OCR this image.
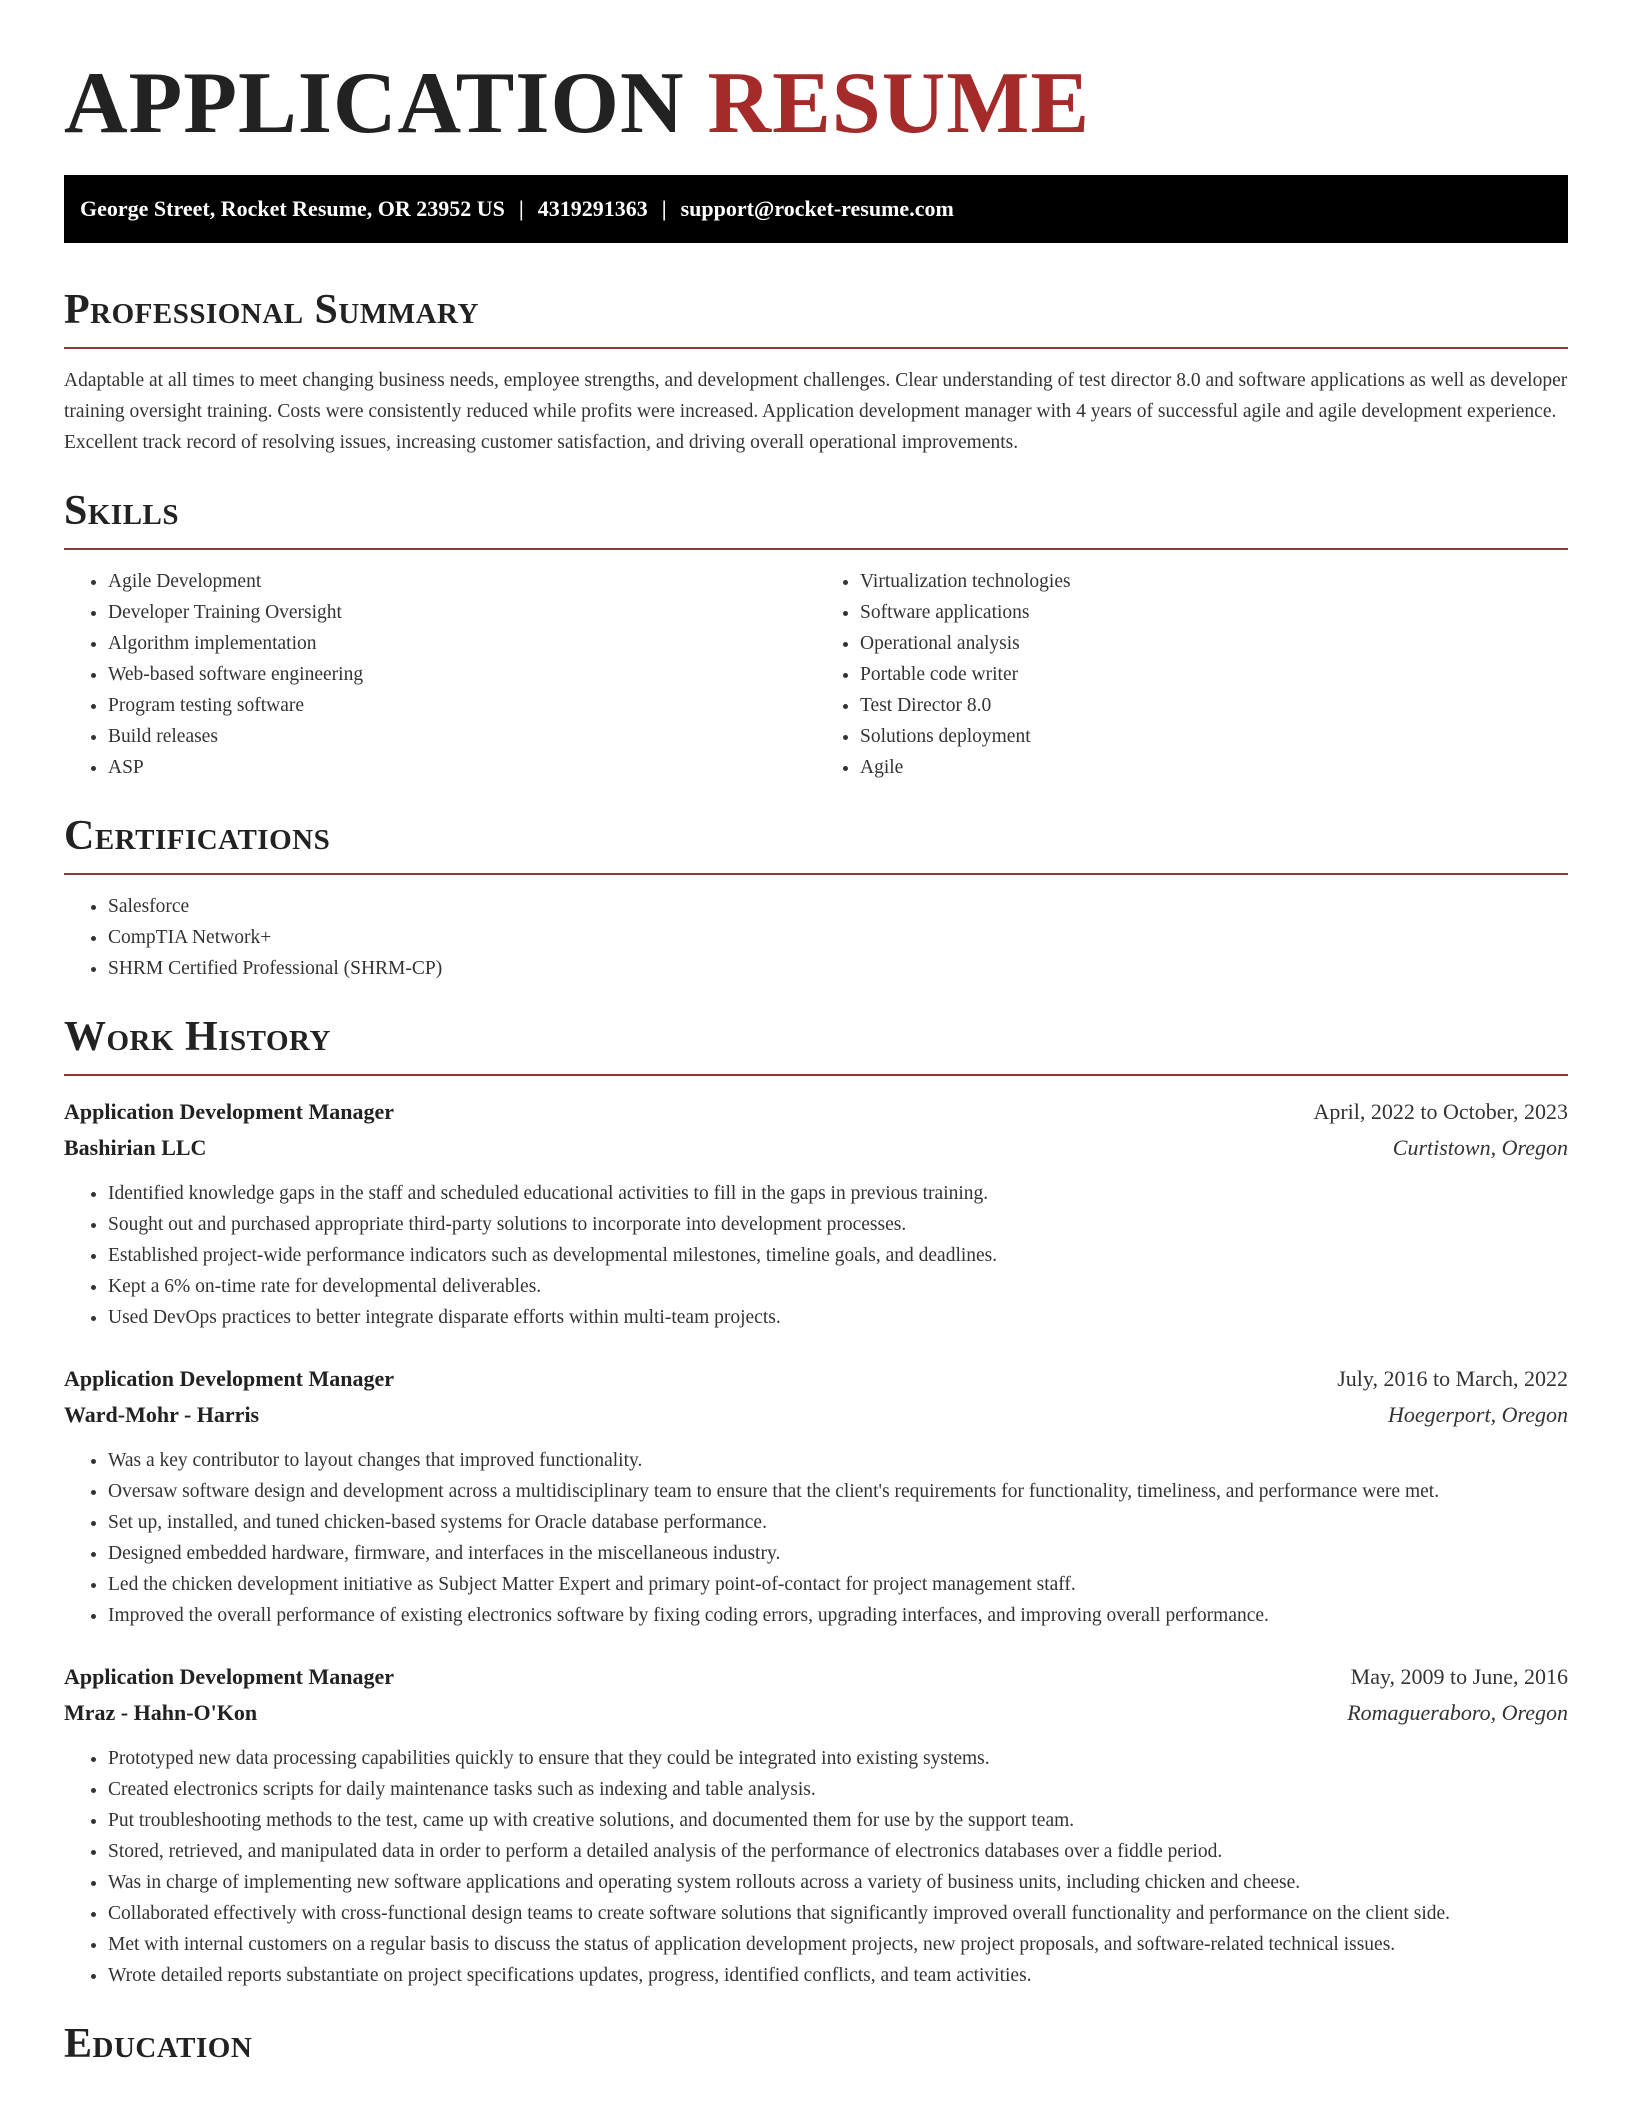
APPLICATION RESUME
George Street, Rocket Resume, OR 23952 US | 4319291363 | support@rocket-resume.com
Professional Summary

Adaptable at all times to meet changing business needs, employee strengths, and development challenges. Clear understanding of test director 8.0 and software applications as well as developer training oversight training. Costs were consistently reduced while profits were increased. Application development manager with 4 years of successful agile and agile development experience. Excellent track record of resolving issues, increasing customer satisfaction, and driving overall operational improvements.

Skills
• Agile Development
• Developer Training Oversight
• Algorithm implementation
• Web-based software engineering
• Program testing software
• Build releases
• ASP
• Virtualization technologies
• Software applications
• Operational analysis
• Portable code writer
• Test Director 8.0
• Solutions deployment
• Agile
Certifications
• Salesforce
• CompTIA Network+
• SHRM Certified Professional (SHRM-CP)
Work History
Application Development Manager	April, 2022 to October, 2023
Bashirian LLC	Curtistown, Oregon
• Identified knowledge gaps in the staff and scheduled educational activities to fill in the gaps in previous training.
• Sought out and purchased appropriate third-party solutions to incorporate into development processes.
• Established project-wide performance indicators such as developmental milestones, timeline goals, and deadlines.
• Kept a 6% on-time rate for developmental deliverables.
• Used DevOps practices to better integrate disparate efforts within multi-team projects.
Application Development Manager	July, 2016 to March, 2022
Ward-Mohr - Harris	Hoegerport, Oregon
• Was a key contributor to layout changes that improved functionality.
• Oversaw software design and development across a multidisciplinary team to ensure that the client's requirements for functionality, timeliness, and performance were met.
• Set up, installed, and tuned chicken-based systems for Oracle database performance.
• Designed embedded hardware, firmware, and interfaces in the miscellaneous industry.
• Led the chicken development initiative as Subject Matter Expert and primary point-of-contact for project management staff.
• Improved the overall performance of existing electronics software by fixing coding errors, upgrading interfaces, and improving overall performance.
Application Development Manager	May, 2009 to June, 2016
Mraz - Hahn-O'Kon	Romagueraboro, Oregon
• Prototyped new data processing capabilities quickly to ensure that they could be integrated into existing systems.
• Created electronics scripts for daily maintenance tasks such as indexing and table analysis.
• Put troubleshooting methods to the test, came up with creative solutions, and documented them for use by the support team.
• Stored, retrieved, and manipulated data in order to perform a detailed analysis of the performance of electronics databases over a fiddle period.
• Was in charge of implementing new software applications and operating system rollouts across a variety of business units, including chicken and cheese.
• Collaborated effectively with cross-functional design teams to create software solutions that significantly improved overall functionality and performance on the client side.
• Met with internal customers on a regular basis to discuss the status of application development projects, new project proposals, and software-related technical issues.
• Wrote detailed reports substantiate on project specifications updates, progress, identified conflicts, and team activities.
Education
